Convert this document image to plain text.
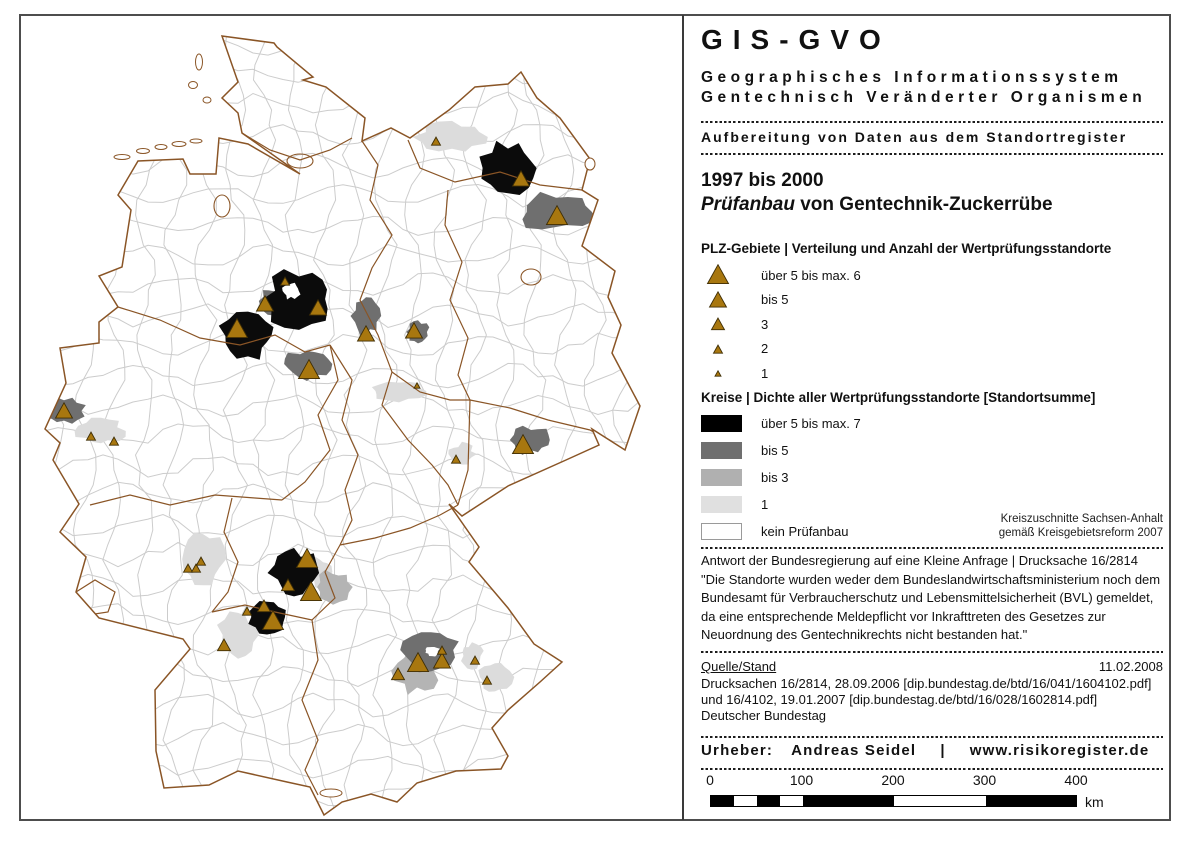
GIS-GVO
Geographisches Informationssystem
Gentechnisch Veränderter Organismen
Aufbereitung von Daten aus dem Standortregister
1997 bis 2000
Prüfanbau von Gentechnik-Zuckerrübe
PLZ-Gebiete | Verteilung und Anzahl der Wertprüfungsstandorte
über 5 bis max. 6
bis 5
3
2
1
Kreise | Dichte aller Wertprüfungsstandorte [Standortsumme]
über 5 bis max. 7
bis 5
bis 3
1
kein Prüfanbau
Kreiszuschnitte Sachsen-Anhalt
gemäß Kreisgebietsreform 2007
Antwort der Bundesregierung auf eine Kleine Anfrage | Drucksache 16/2814
"Die Standorte wurden weder dem Bundeslandwirtschaftsministerium noch dem Bundesamt für Verbraucherschutz und Lebensmittelsicherheit (BVL) gemeldet, da eine entsprechende Meldepflicht vor Inkrafttreten des Gesetzes zur Neuordnung des Gentechnikrechts nicht bestanden hat."
11.02.2008
Quelle/Stand
Drucksachen 16/2814, 28.09.2006 [dip.bundestag.de/btd/16/041/1604102.pdf]
und 16/4102, 19.01.2007 [dip.bundestag.de/btd/16/028/1602814.pdf]
Deutscher Bundestag
Urheber: Andreas Seidel | www.risikoregister.de
0	100	200	300	400
km
